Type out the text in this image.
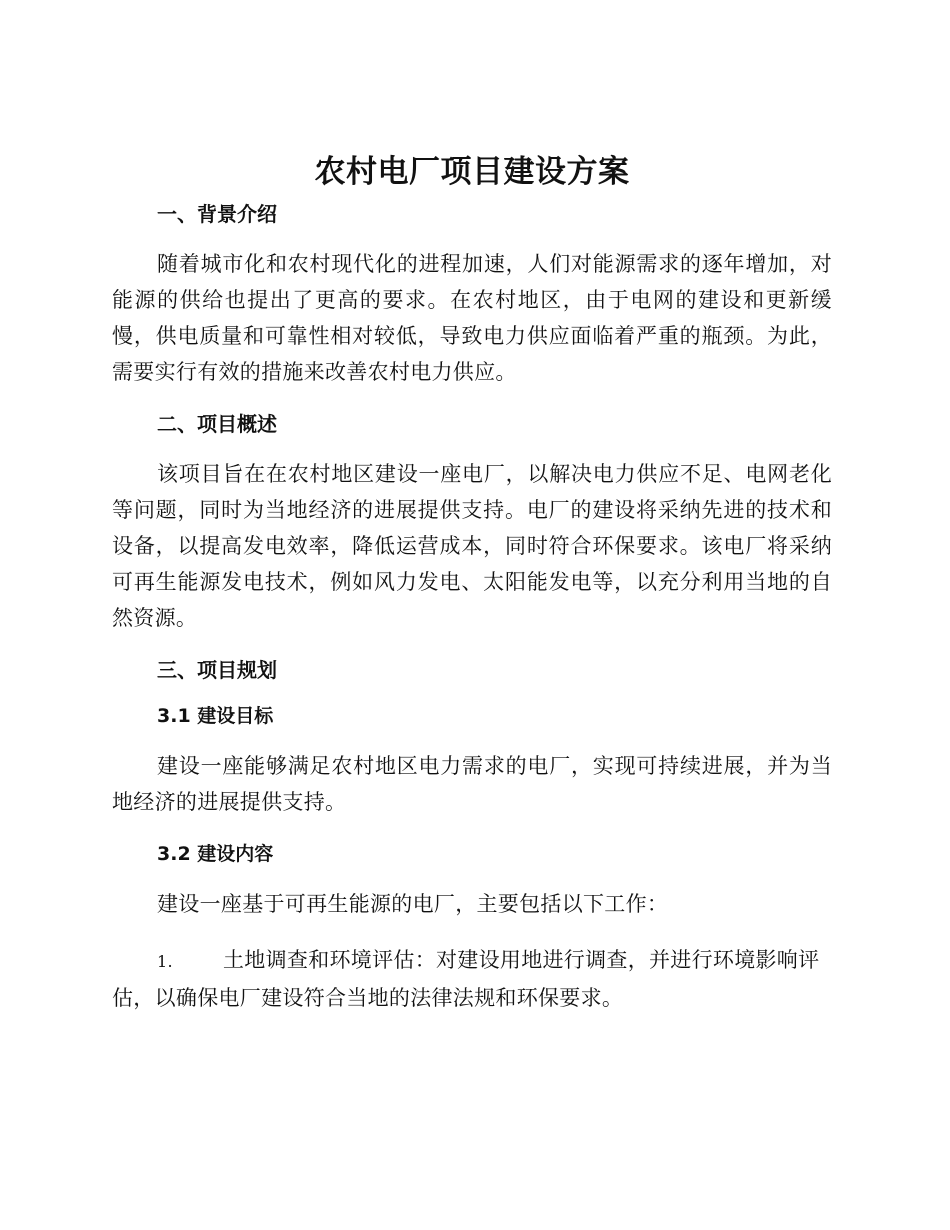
农村电厂项目建设方案
一、背景介绍

随着城市化和农村现代化的进程加速，人们对能源需求的逐年增加，对能源的供给也提出了更高的要求。在农村地区，由于电网的建设和更新缓慢，供电质量和可靠性相对较低，导致电力供应面临着严重的瓶颈。为此，需要实行有效的措施来改善农村电力供应。

二、项目概述

该项目旨在在农村地区建设一座电厂，以解决电力供应不足、电网老化等问题，同时为当地经济的进展提供支持。电厂的建设将采纳先进的技术和设备，以提高发电效率，降低运营成本，同时符合环保要求。该电厂将采纳可再生能源发电技术，例如风力发电、太阳能发电等，以充分利用当地的自然资源。

三、项目规划
3.1 建设目标

建设一座能够满足农村地区电力需求的电厂，实现可持续进展，并为当地经济的进展提供支持。

3.2 建设内容

建设一座基于可再生能源的电厂，主要包括以下工作：

1. 土地调查和环境评估：对建设用地进行调查，并进行环境影响评估，以确保电厂建设符合当地的法律法规和环保要求。
